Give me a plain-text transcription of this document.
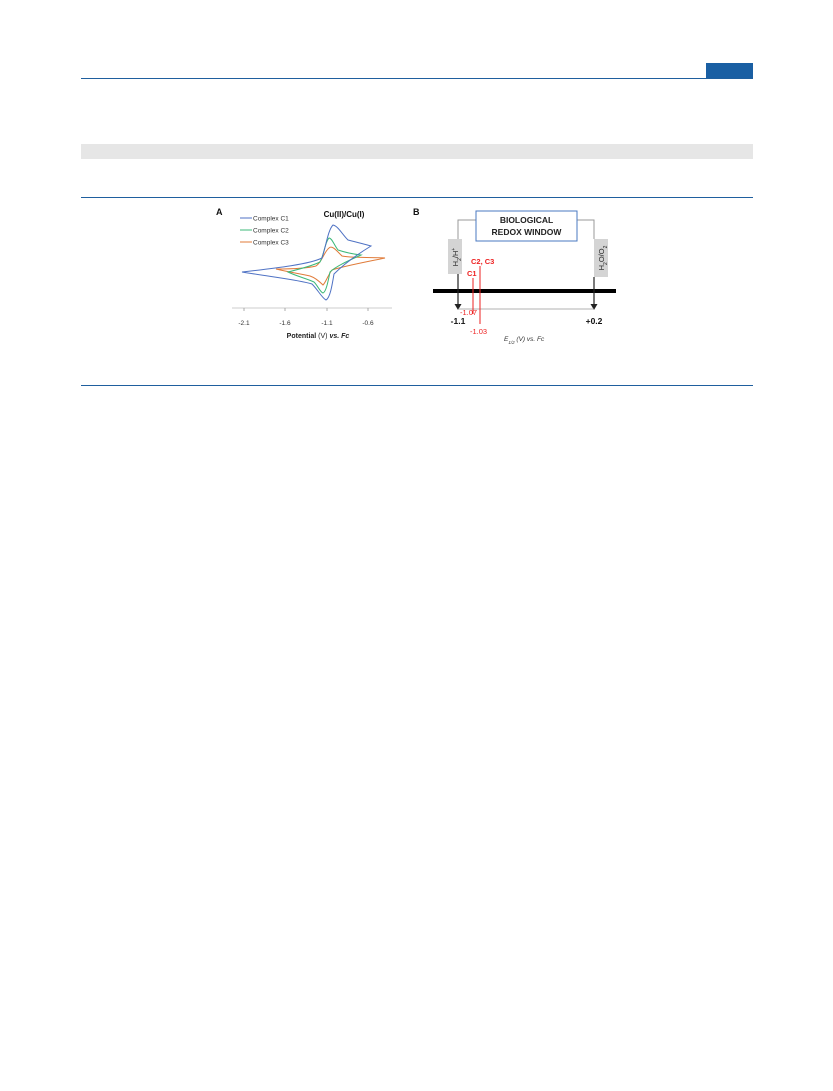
A	B
Cu(II)/Cu(I)
Complex C1
Complex C2
Complex C3
-2.1	-1.6	-1.1	-0.6
Potential (V) vs. Fc
BIOLOGICAL
REDOX WINDOW
$H_2/H^+$
$H_2O/O_2$
C2, C3
C1
-1.07
-1.03
-1.1	+0.2
$E_{1/2}$ (V) vs. Fc
